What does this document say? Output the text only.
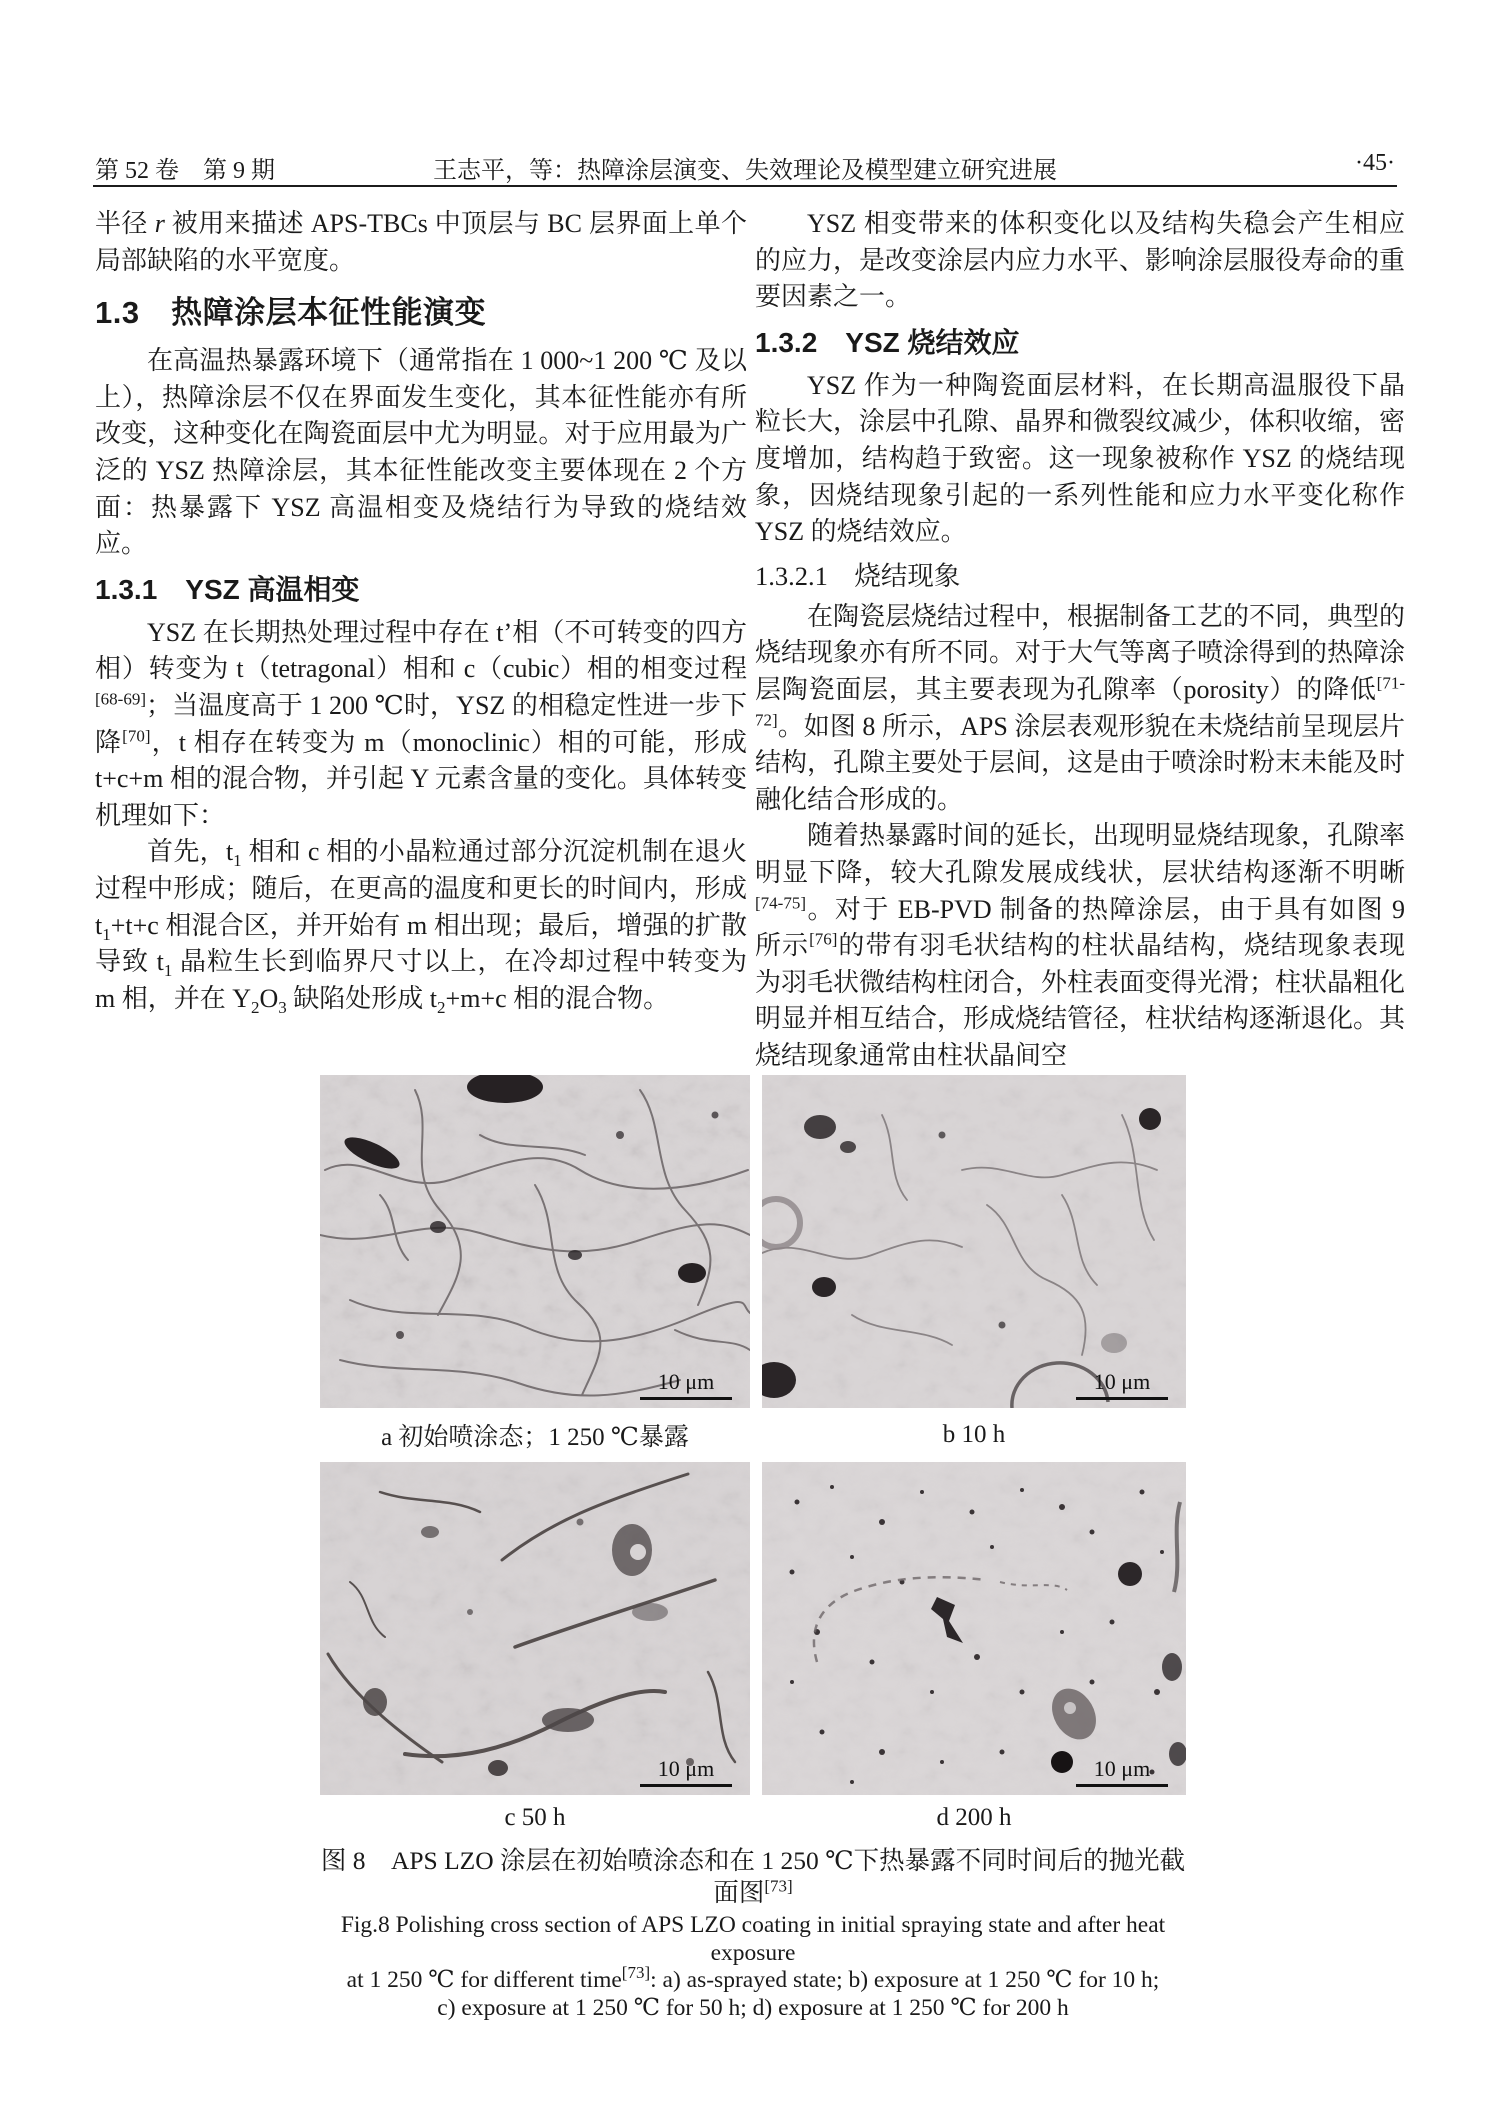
第 52 卷　第 9 期	王志平，等：热障涂层演变、失效理论及模型建立研究进展	·45·

半径 r 被用来描述 APS-TBCs 中顶层与 BC 层界面上单个局部缺陷的水平宽度。

1.3　热障涂层本征性能演变

在高温热暴露环境下（通常指在 1 000~1 200 ℃ 及以上），热障涂层不仅在界面发生变化，其本征性能亦有所改变，这种变化在陶瓷面层中尤为明显。对于应用最为广泛的 YSZ 热障涂层，其本征性能改变主要体现在 2 个方面：热暴露下 YSZ 高温相变及烧结行为导致的烧结效应。

1.3.1　YSZ 高温相变

YSZ 在长期热处理过程中存在 t’相（不可转变的四方相）转变为 t（tetragonal）相和 c（cubic）相的相变过程[68-69]；当温度高于 1 200 ℃时，YSZ 的相稳定性进一步下降[70]，t 相存在转变为 m（monoclinic）相的可能，形成 t+c+m 相的混合物，并引起 Y 元素含量的变化。具体转变机理如下：

首先，$t_1$ 相和 c 相的小晶粒通过部分沉淀机制在退火过程中形成；随后，在更高的温度和更长的时间内，形成 $t_1+t+c$ 相混合区，并开始有 m 相出现；最后，增强的扩散导致 $t_1$ 晶粒生长到临界尺寸以上，在冷却过程中转变为 m 相，并在 $Y_2O_3$ 缺陷处形成 $t_2+m+c$ 相的混合物。

YSZ 相变带来的体积变化以及结构失稳会产生相应的应力，是改变涂层内应力水平、影响涂层服役寿命的重要因素之一。

1.3.2　YSZ 烧结效应

YSZ 作为一种陶瓷面层材料，在长期高温服役下晶粒长大，涂层中孔隙、晶界和微裂纹减少，体积收缩，密度增加，结构趋于致密。这一现象被称作 YSZ 的烧结现象，因烧结现象引起的一系列性能和应力水平变化称作 YSZ 的烧结效应。

1.3.2.1　烧结现象

在陶瓷层烧结过程中，根据制备工艺的不同，典型的烧结现象亦有所不同。对于大气等离子喷涂得到的热障涂层陶瓷面层，其主要表现为孔隙率（porosity）的降低[71-72]。如图 8 所示，APS 涂层表观形貌在未烧结前呈现层片结构，孔隙主要处于层间，这是由于喷涂时粉末未能及时融化结合形成的。

随着热暴露时间的延长，出现明显烧结现象，孔隙率明显下降，较大孔隙发展成线状，层状结构逐渐不明晰[74-75]。对于 EB-PVD 制备的热障涂层，由于具有如图 9 所示[76]的带有羽毛状结构的柱状晶结构，烧结现象表现为羽毛状微结构柱闭合，外柱表面变得光滑；柱状晶粗化明显并相互结合，形成烧结管径，柱状结构逐渐退化。其烧结现象通常由柱状晶间空

10 μm	10 μm
a 初始喷涂态；1 250 ℃暴露	b 10 h
10 μm	10 μm
c 50 h	d 200 h
图 8　APS LZO 涂层在初始喷涂态和在 1 250 ℃下热暴露不同时间后的抛光截面图[73]
Fig.8 Polishing cross section of APS LZO coating in initial spraying state and after heat exposure
at 1 250 ℃ for different time[73]: a) as-sprayed state; b) exposure at 1 250 ℃ for 10 h;
c) exposure at 1 250 ℃ for 50 h; d) exposure at 1 250 ℃ for 200 h
